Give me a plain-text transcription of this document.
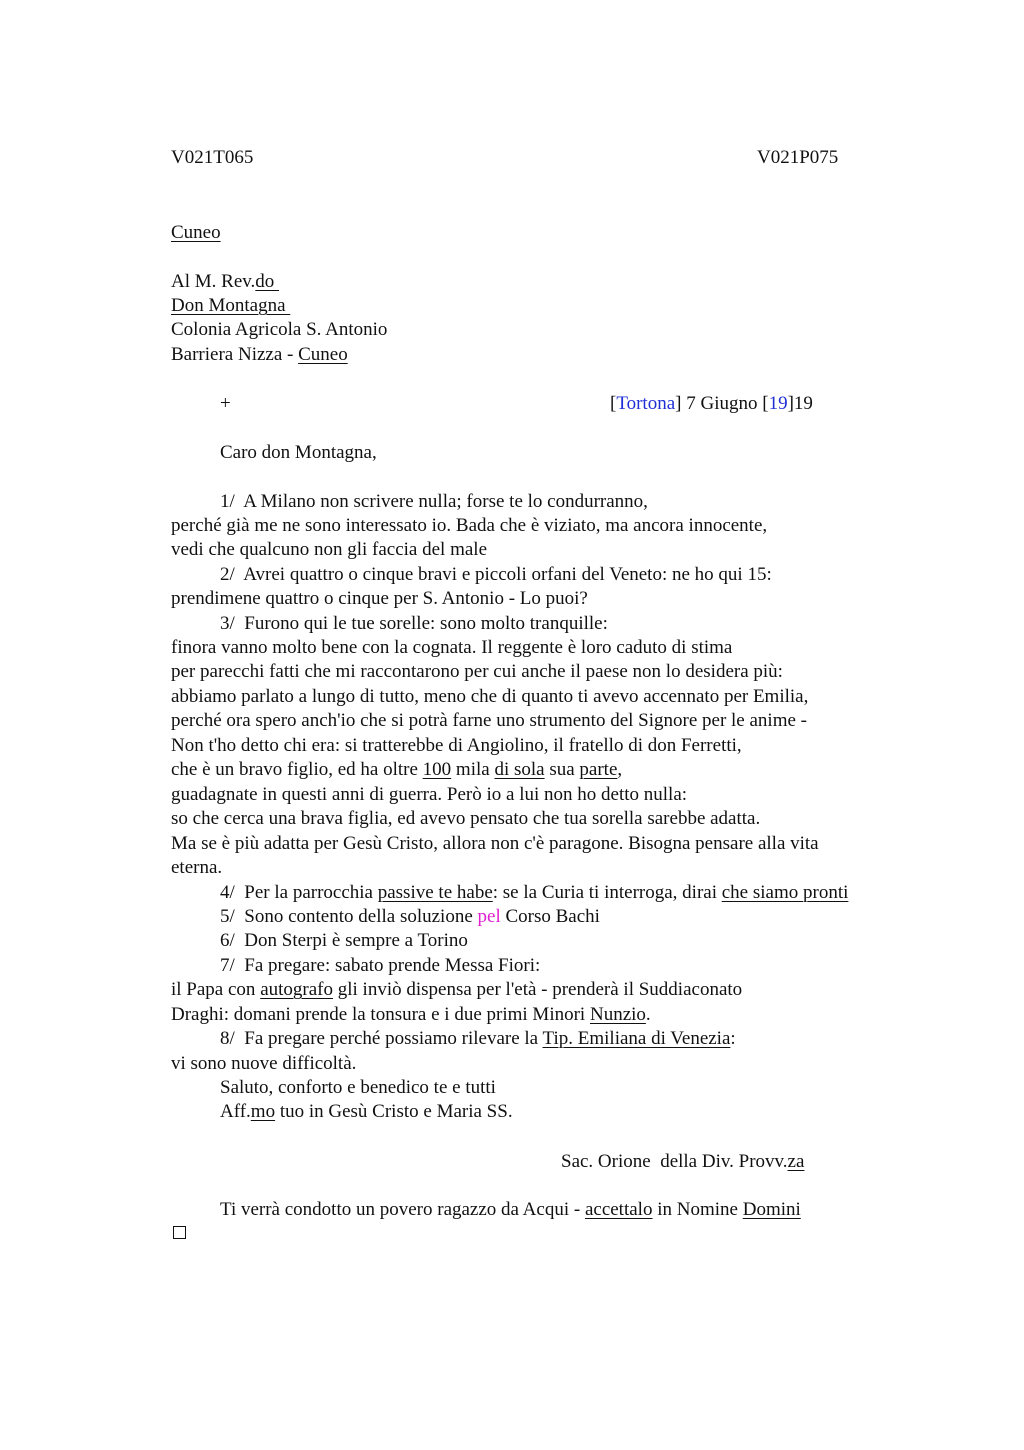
V021T065	V021P075
Cuneo
Al M. Rev.do
Don Montagna
Colonia Agricola S. Antonio
Barriera Nizza - Cuneo
+	[Tortona] 7 Giugno [19]19
Caro don Montagna,
1/  A Milano non scrivere nulla; forse te lo condurranno,
perché già me ne sono interessato io. Bada che è viziato, ma ancora innocente,
vedi che qualcuno non gli faccia del male
2/  Avrei quattro o cinque bravi e piccoli orfani del Veneto: ne ho qui 15:
prendimene quattro o cinque per S. Antonio - Lo puoi?
3/  Furono qui le tue sorelle: sono molto tranquille:
finora vanno molto bene con la cognata. Il reggente è loro caduto di stima
per parecchi fatti che mi raccontarono per cui anche il paese non lo desidera più:
abbiamo parlato a lungo di tutto, meno che di quanto ti avevo accennato per Emilia,
perché ora spero anch'io che si potrà farne uno strumento del Signore per le anime -
Non t'ho detto chi era: si tratterebbe di Angiolino, il fratello di don Ferretti,
che è un bravo figlio, ed ha oltre 100 mila di sola sua parte,
guadagnate in questi anni di guerra. Però io a lui non ho detto nulla:
so che cerca una brava figlia, ed avevo pensato che tua sorella sarebbe adatta.
Ma se è più adatta per Gesù Cristo, allora non c'è paragone. Bisogna pensare alla vita
eterna.
4/  Per la parrocchia passive te habe: se la Curia ti interroga, dirai che siamo pronti
5/  Sono contento della soluzione pel Corso Bachi
6/  Don Sterpi è sempre a Torino
7/  Fa pregare: sabato prende Messa Fiori:
il Papa con autografo gli inviò dispensa per l'età - prenderà il Suddiaconato
Draghi: domani prende la tonsura e i due primi Minori Nunzio.
8/  Fa pregare perché possiamo rilevare la Tip. Emiliana di Venezia:
vi sono nuove difficoltà.
Saluto, conforto e benedico te e tutti
Aff.mo tuo in Gesù Cristo e Maria SS.
Sac. Orione  della Div. Provv.za
Ti verrà condotto un povero ragazzo da Acqui - accettalo in Nomine Domini
